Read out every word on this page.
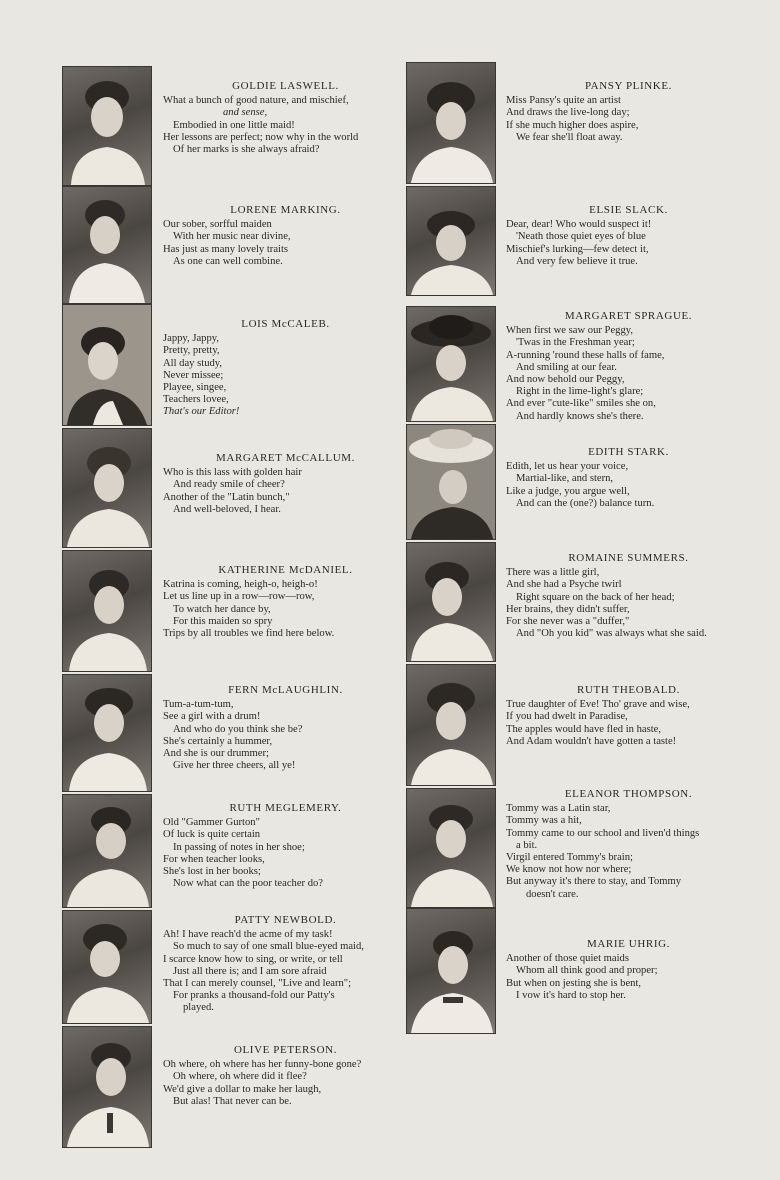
GOLDIE LASWELL.
What a bunch of good nature, and mischief,
and sense,
Embodied in one little maid!
Her lessons are perfect; now why in the world
Of her marks is she always afraid?
LORENE MARKING.
Our sober, sorfful maiden
With her music near divine,
Has just as many lovely traits
As one can well combine.
LOIS McCALEB.
Jappy, Jappy,
Pretty, pretty,
All day study,
Never missee;
Playee, singee,
Teachers lovee,
That's our Editor!
MARGARET McCALLUM.
Who is this lass with golden hair
And ready smile of cheer?
Another of the "Latin bunch,"
And well-beloved, I hear.
KATHERINE McDANIEL.
Katrina is coming, heigh-o, heigh-o!
Let us line up in a row—row—row,
To watch her dance by,
For this maiden so spry
Trips by all troubles we find here below.
FERN McLAUGHLIN.
Tum-a-tum-tum,
See a girl with a drum!
And who do you think she be?
She's certainly a hummer,
And she is our drummer;
Give her three cheers, all ye!
RUTH MEGLEMERY.
Old "Gammer Gurton"
Of luck is quite certain
In passing of notes in her shoe;
For when teacher looks,
She's lost in her books;
Now what can the poor teacher do?
PATTY NEWBOLD.
Ah! I have reach'd the acme of my task!
So much to say of one small blue-eyed maid,
I scarce know how to sing, or write, or tell
Just all there is; and I am sore afraid
That I can merely counsel, "Live and learn";
For pranks a thousand-fold our Patty's
played.
OLIVE PETERSON.
Oh where, oh where has her funny-bone gone?
Oh where, oh where did it flee?
We'd give a dollar to make her laugh,
But alas! That never can be.
PANSY PLINKE.
Miss Pansy's quite an artist
And draws the live-long day;
If she much higher does aspire,
We fear she'll float away.
ELSIE SLACK.
Dear, dear! Who would suspect it!
'Neath those quiet eyes of blue
Mischief's lurking—few detect it,
And very few believe it true.
MARGARET SPRAGUE.
When first we saw our Peggy,
'Twas in the Freshman year;
A-running 'round these halls of fame,
And smiling at our fear.
And now behold our Peggy,
Right in the lime-light's glare;
And ever "cute-like" smiles she on,
And hardly knows she's there.
EDITH STARK.
Edith, let us hear your voice,
Martial-like, and stern,
Like a judge, you argue well,
And can the (one?) balance turn.
ROMAINE SUMMERS.
There was a little girl,
And she had a Psyche twirl
Right square on the back of her head;
Her brains, they didn't suffer,
For she never was a "duffer,"
And "Oh you kid" was always what she said.
RUTH THEOBALD.
True daughter of Eve! Tho' grave and wise,
If you had dwelt in Paradise,
The apples would have fled in haste,
And Adam wouldn't have gotten a taste!
ELEANOR THOMPSON.
Tommy was a Latin star,
Tommy was a hit,
Tommy came to our school and liven'd things
a bit.
Virgil entered Tommy's brain;
We know not how nor where;
But anyway it's there to stay, and Tommy
doesn't care.
MARIE UHRIG.
Another of those quiet maids
Whom all think good and proper;
But when on jesting she is bent,
I vow it's hard to stop her.
